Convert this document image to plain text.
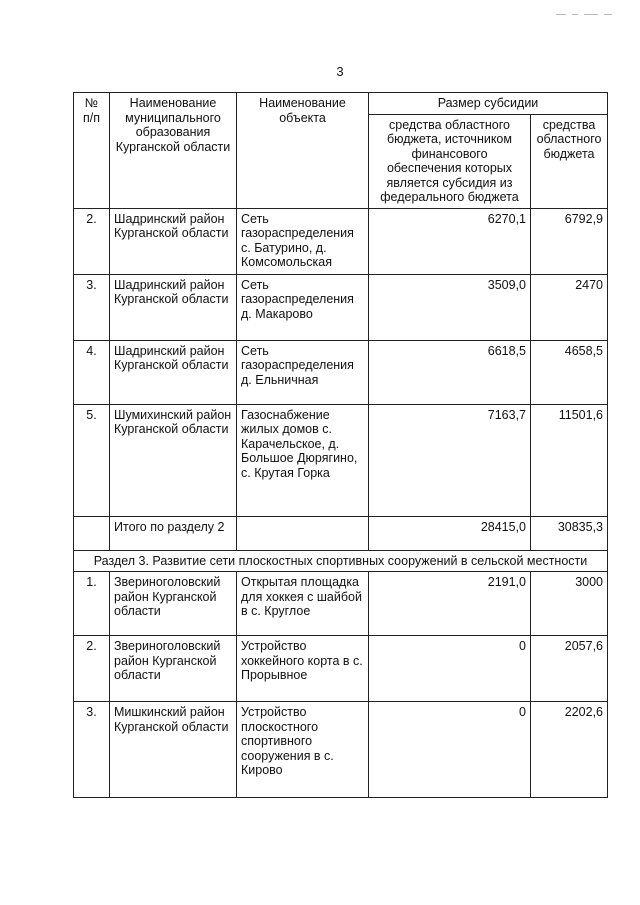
3
№ п/п	Наименование муниципального образования Курганской области	Наименование объекта	Размер субсидии	
			средства областного бюджета, источником финансового обеспечения которых является субсидия из федерального бюджета	средства областного бюджета
2.	Шадринский район Курганской области	Сеть газораспределения с. Батурино, д. Комсомольская	6270,1	6792,9
3.	Шадринский район Курганской области	Сеть газораспределения д. Макарово	3509,0	2470
4.	Шадринский район Курганской области	Сеть газораспределения д. Ельничная	6618,5	4658,5
5.	Шумихинский район Курганской области	Газоснабжение жилых домов с. Карачельское, д. Большое Дюрягино, с. Крутая Горка	7163,7	11501,6
	Итого по разделу 2		28415,0	30835,3
Раздел 3. Развитие сети плоскостных спортивных сооружений в сельской местности				
1.	Звериноголовский район Курганской области	Открытая площадка для хоккея с шайбой в с. Круглое	2191,0	3000
2.	Звериноголовский район Курганской области	Устройство хоккейного корта в с. Прорывное	0	2057,6
3.	Мишкинский район Курганской области	Устройство плоскостного спортивного сооружения в с. Кирово	0	2202,6
